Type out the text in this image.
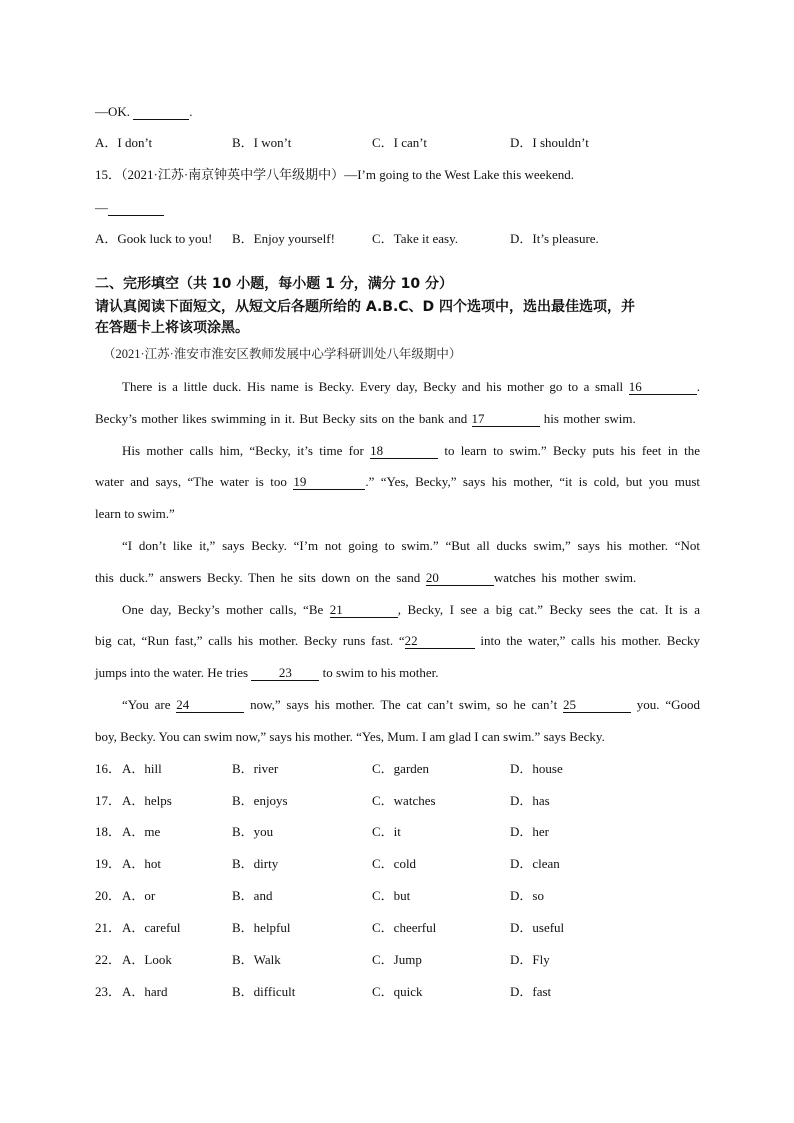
—OK.	.
A．I don’t	B．I won’t	C．I can’t	D．I shouldn’t
15．（2021·江苏·南京钟英中学八年级期中）—I’m going to the West Lake this weekend.
—
A．Gook luck to you! B．Enjoy yourself!	C．Take it easy.	D．It’s pleasure.
二、完形填空（共 10 小题，每小题 1 分，满分 10 分）
请认真阅读下面短文，从短文后各题所给的 A.B.C、D 四个选项中，选出最佳选项，并
在答题卡上将该项涂黑。
（2021·江苏·淮安市淮安区教师发展中心学科研训处八年级期中）
There is a little duck. His name is Becky. Every day, Becky and his mother go to a small 16	.
Becky’s mother likes swimming in it. But Becky sits on the bank and 17	his mother swim.
His mother calls him, “Becky, it’s time for 18	to learn to swim.” Becky puts his feet in the
water and says, “The water is too 19	.” “Yes, Becky,” says his mother, “it is cold, but you must
learn to swim.”
“I don’t like it,” says Becky. “I’m not going to swim.” “But all ducks swim,” says his mother. “Not
this duck.” answers Becky. Then he sits down on the sand 20	watches his mother swim.
One day, Becky’s mother calls, “Be 21	, Becky, I see a big cat.” Becky sees the cat. It is a
big cat, “Run fast,” calls his mother. Becky runs fast. “22	into the water,” calls his mother. Becky
jumps into the water. He tries 23 to swim to his mother.
“You are 24	now,” says his mother. The cat can’t swim, so he can’t 25	you. “Good
boy, Becky. You can swim now,” says his mother. “Yes, Mum. I am glad I can swim.” says Becky.
16． A．hill	B．river	C．garden	D．house
17． A．helps	B．enjoys	C．watches	D．has
18． A．me	B．you	C．it	D．her
19． A．hot	B．dirty	C．cold	D．clean
20． A．or	B．and	C．but	D．so
21． A．careful	B．helpful	C．cheerful	D．useful
22． A．Look	B．Walk	C．Jump	D．Fly
23． A．hard	B．difficult	C．quick	D．fast
